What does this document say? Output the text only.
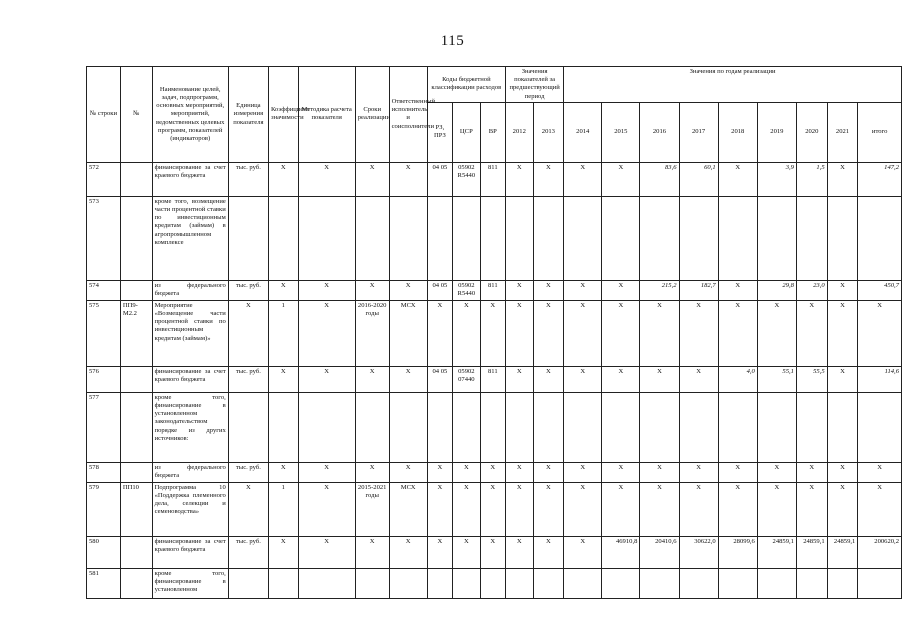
115
№ строки	№	Наименование целей, задач, подпрограмм, основных мероприятий, мероприятий, ведомственных целевых программ, показателей (индикаторов)	Единица измерения показателя	Коэффициент значимости	Методика расчета показателя	Сроки реализации	Ответственный исполнитель и соисполнители	Коды бюджетной классификации расходов			Значения показателей за предшествующий период		Значения по годам реализации								
								РЗ, ПРЗ	ЦСР	ВР	2012	2013	2014	2015	2016	2017	2018	2019	2020	2021	итого
572		финансирование за счет краевого бюджета	тыс. руб.	Х	Х	Х	Х	04 05	05902 R5440	811	Х	Х	Х	Х	83,6	60,1	Х	3,9	1,5	Х	147,2
573		кроме того, возмещение части процентной ставки по инвестиционным кредитам (займам) в агропромышленном комплексе																			
574		из федерального бюджета	тыс. руб.	Х	Х	Х	Х	04 05	05902 R5440	811	Х	Х	Х	Х	215,2	182,7	Х	29,8	23,0	Х	450,7
575	ПП9-М2.2	Мероприятие «Возмещение части процентной ставки по инвестиционным кредитам (займам)»	Х	1	Х	2016-2020 годы	МСХ	Х	Х	Х	Х	Х	Х	Х	Х	Х	Х	Х	Х	Х	Х
576		финансирование за счет краевого бюджета	тыс. руб.	Х	Х	Х	Х	04 05	05902 07440	811	Х	Х	Х	Х	Х	Х	4,0	55,1	55,5	Х	114,6
577		кроме того, финансирование в установленном законодательством порядке из других источников:																			
578		из федерального бюджета	тыс. руб.	Х	Х	Х	Х	Х	Х	Х	Х	Х	Х	Х	Х	Х	Х	Х	Х	Х	Х
579	ПП10	Подпрограмма 10 «Поддержка племенного дела, селекции и семеноводства»	Х	1	Х	2015-2021 годы	МСХ	Х	Х	Х	Х	Х	Х	Х	Х	Х	Х	Х	Х	Х	Х
580		финансирование за счет краевого бюджета	тыс. руб.	Х	Х	Х	Х	Х	Х	Х	Х	Х	Х	46910,8	20410,6	30622,0	28099,6	24859,1	24859,1	24859,1	200620,2
581		кроме того, финансирование в установленном																			
